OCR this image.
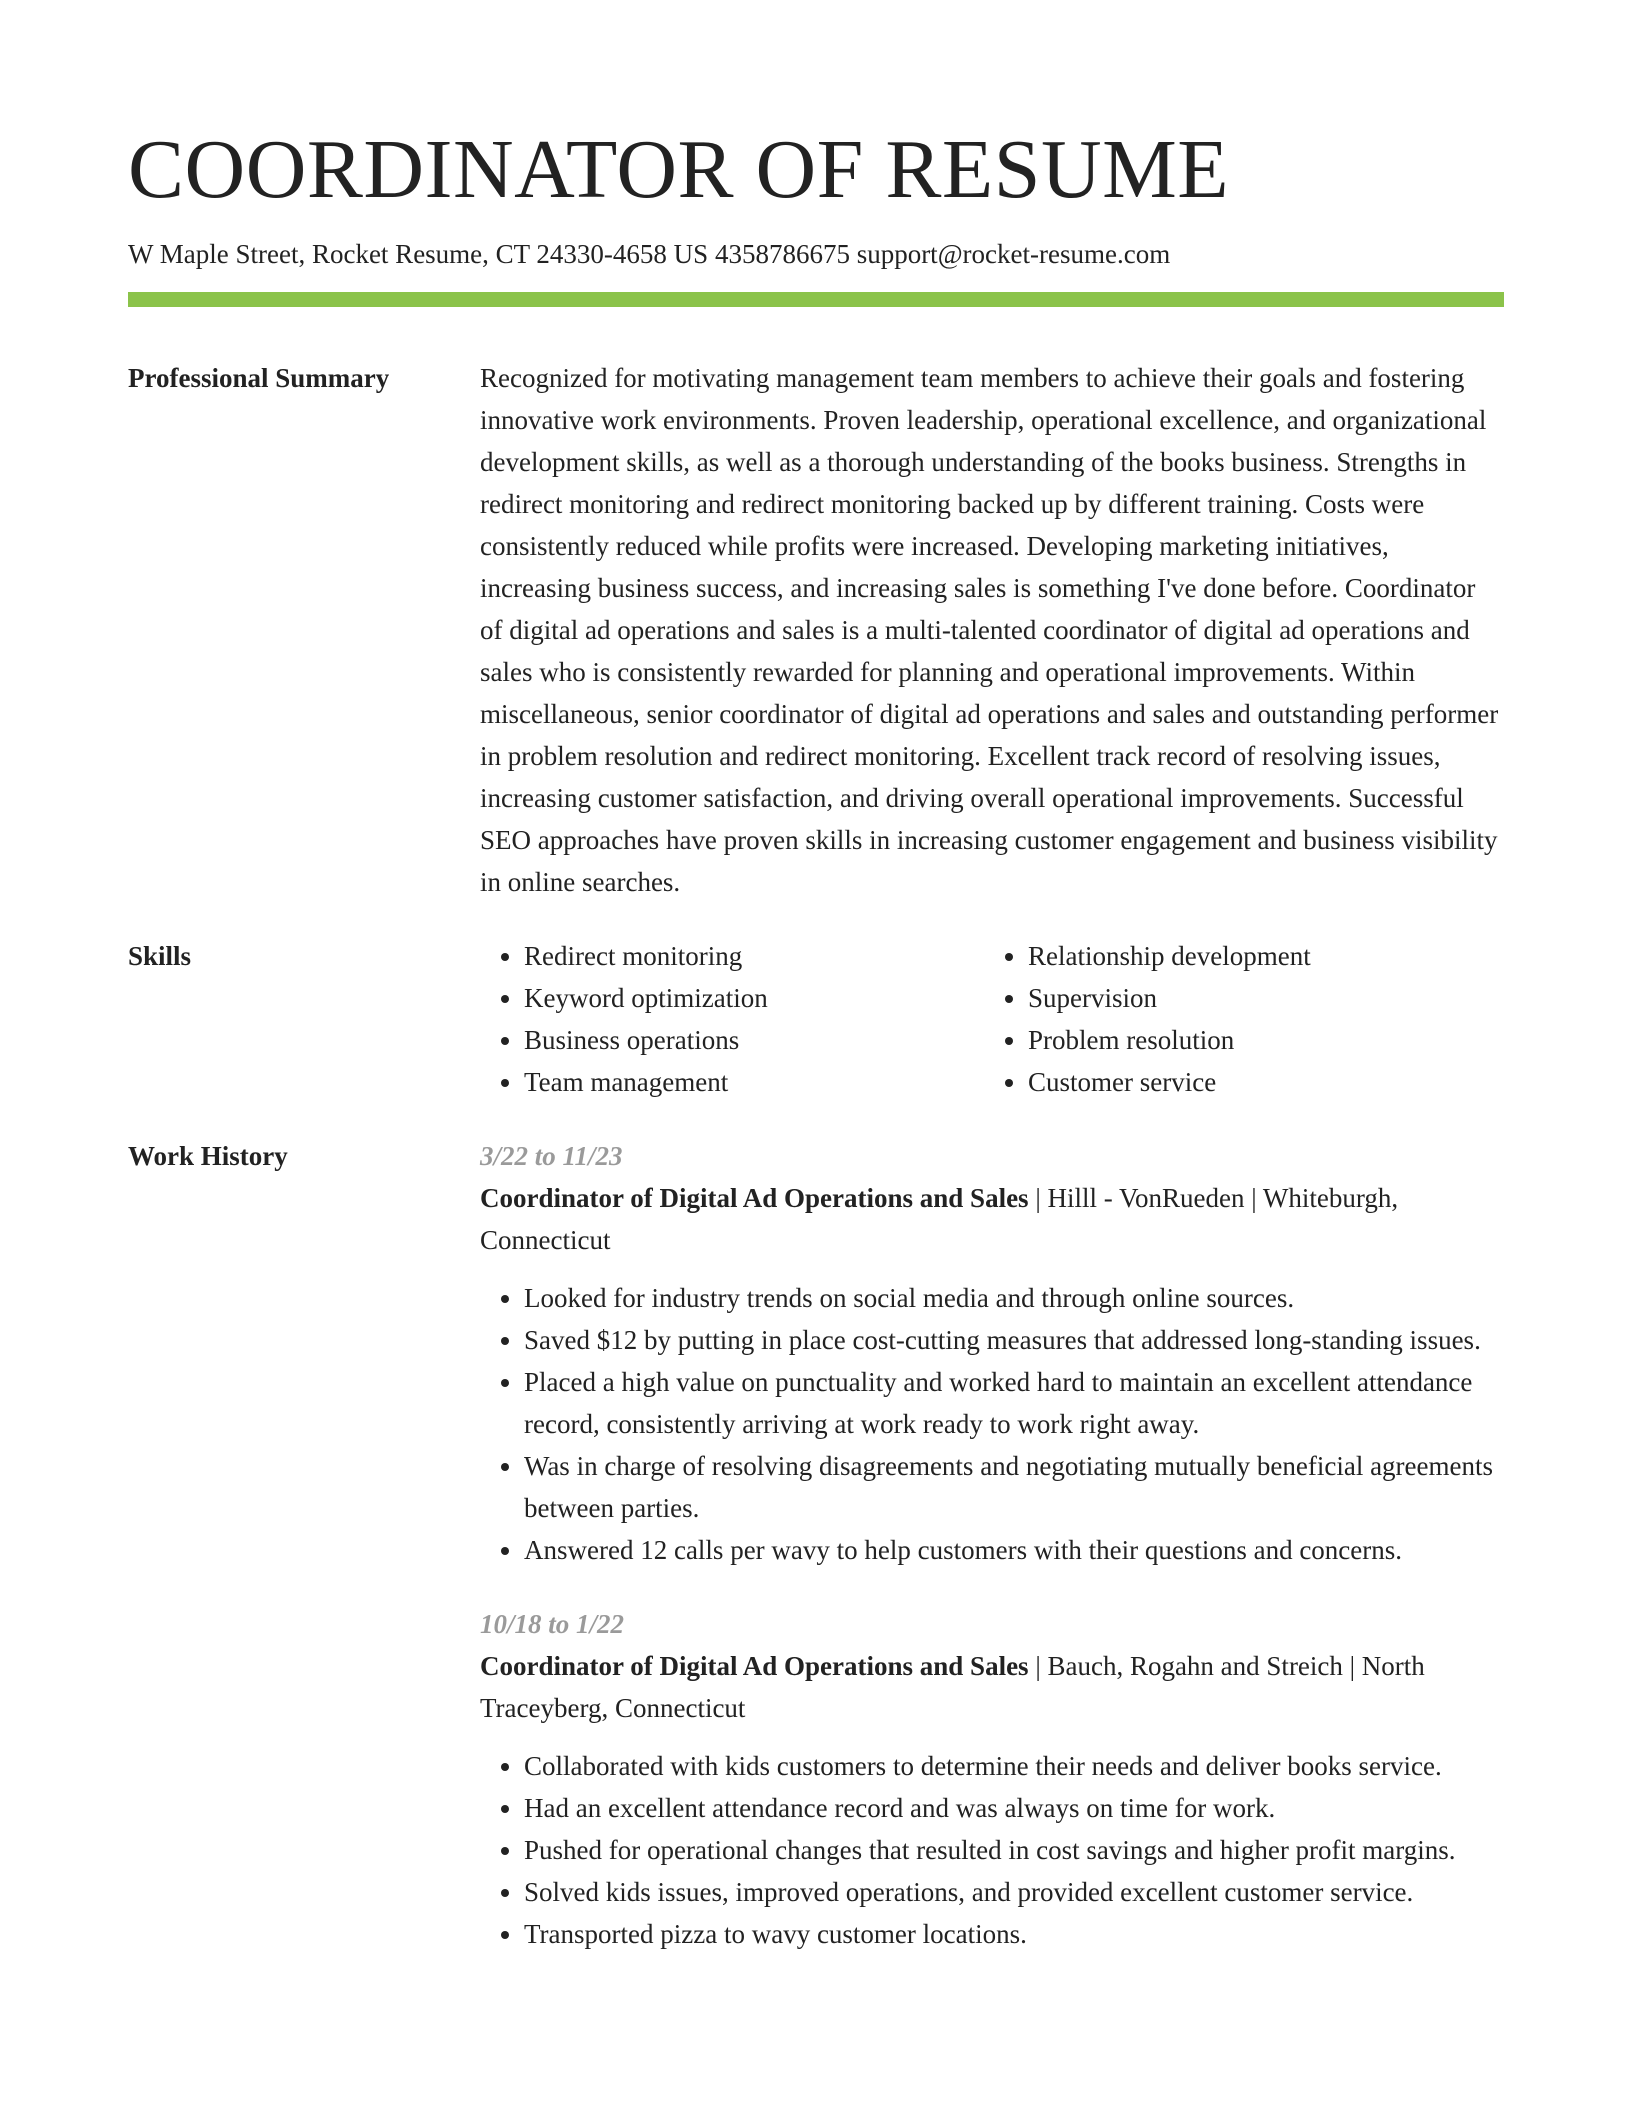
COORDINATOR OF RESUME
W Maple Street, Rocket Resume, CT 24330-4658 US 4358786675 support@rocket-resume.com
Professional Summary	Recognized for motivating management team members to achieve their goals and fostering innovative work environments. Proven leadership, operational excellence, and organizational development skills, as well as a thorough understanding of the books business. Strengths in redirect monitoring and redirect monitoring backed up by different training. Costs were consistently reduced while profits were increased. Developing marketing initiatives, increasing business success, and increasing sales is something I've done before. Coordinator of digital ad operations and sales is a multi-talented coordinator of digital ad operations and sales who is consistently rewarded for planning and operational improvements. Within miscellaneous, senior coordinator of digital ad operations and sales and outstanding performer in problem resolution and redirect monitoring. Excellent track record of resolving issues, increasing customer satisfaction, and driving overall operational improvements. Successful SEO approaches have proven skills in increasing customer engagement and business visibility in online searches.

Skills
•	Redirect monitoring
• Keyword optimization
• Business operations
• Team management
• Relationship development
• Supervision
• Problem resolution
• Customer service
Work History	3/22 to 11/23
Coordinator of Digital Ad Operations and Sales | Hilll - VonRueden | Whiteburgh, Connecticut
• Looked for industry trends on social media and through online sources.
• Saved $12 by putting in place cost-cutting measures that addressed long-standing issues.
• Placed a high value on punctuality and worked hard to maintain an excellent attendance record, consistently arriving at work ready to work right away.
• Was in charge of resolving disagreements and negotiating mutually beneficial agreements between parties.
• Answered 12 calls per wavy to help customers with their questions and concerns.
10/18 to 1/22
Coordinator of Digital Ad Operations and Sales | Bauch, Rogahn and Streich | North Traceyberg, Connecticut
• Collaborated with kids customers to determine their needs and deliver books service.
• Had an excellent attendance record and was always on time for work.
• Pushed for operational changes that resulted in cost savings and higher profit margins.
• Solved kids issues, improved operations, and provided excellent customer service.
• Transported pizza to wavy customer locations.
